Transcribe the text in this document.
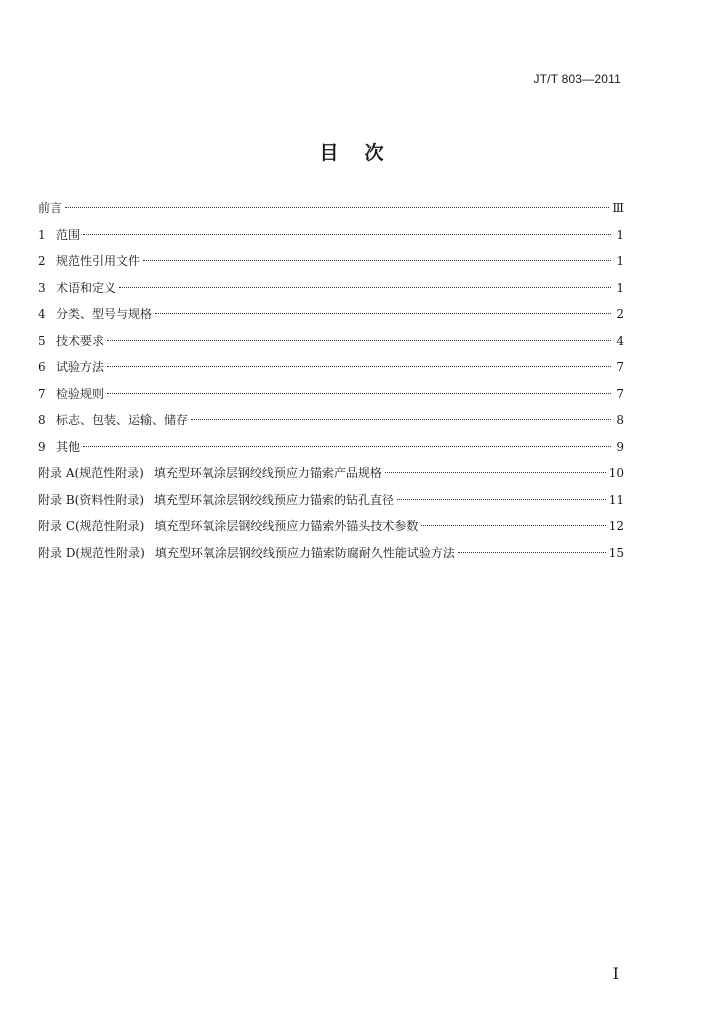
JT/T 803—2011
目次
前言	Ⅲ
1 范围	1
2 规范性引用文件	1
3 术语和定义	1
4 分类、型号与规格	2
5 技术要求	4
6 试验方法	7
7 检验规则	7
8 标志、包装、运输、储存	8
9 其他	9
附录 A(规范性附录) 填充型环氧涂层钢绞线预应力锚索产品规格	10
附录 B(资料性附录) 填充型环氧涂层钢绞线预应力锚索的钻孔直径	11
附录 C(规范性附录) 填充型环氧涂层钢绞线预应力锚索外锚头技术参数	12
附录 D(规范性附录) 填充型环氧涂层钢绞线预应力锚索防腐耐久性能试验方法	15
I
